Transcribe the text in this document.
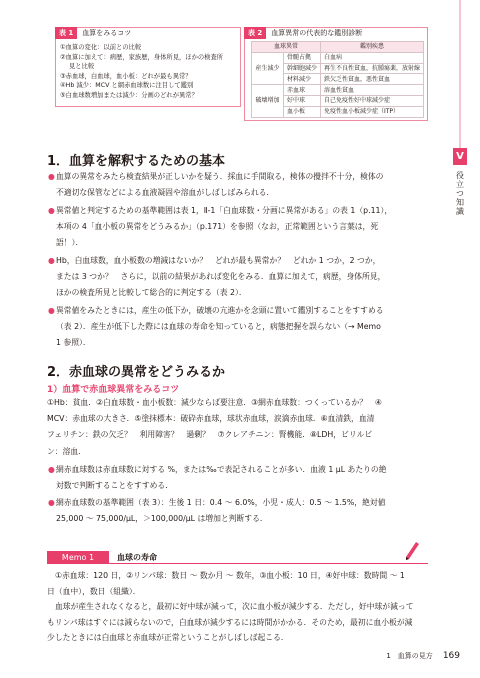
表 1	血算をみるコツ
①血算の変化：以前との比較
②血算に加えて：病歴，家族歴，身体所見，ほかの検査所
見と比較
③赤血球，白血球，血小板：どれが最も異常？
④Hb 減少：MCV と網赤血球数に注目して鑑別
⑤白血球数増加または減少：分画のどれが異常？
表 2	血算異常の代表的な鑑別診断
血球異常		鑑別疾患
産生減少	骨髄占拠	白血病
	幹細胞減少	再生不良性貧血，抗腫瘍薬，放射線
	材料減少	鉄欠乏性貧血，悪性貧血
破壊増加	赤血球	溶血性貧血
	好中球	自己免疫性好中球減少症
	血小板	免疫性血小板減少症（ITP）
V
役立つ知識
1．血算を解釈するための基本
● 血算の異常をみたら検査結果が正しいかを疑う．採血に手間取る，検体の攪拌不十分，検体の
不適切な保管などによる血液凝固や溶血がしばしばみられる．
● 異常値と判定するための基準範囲は表 1，Ⅱ-1「白血球数・分画に異常がある」の表 1（p.11），
本項の 4「血小板の異常をどうみるか」（p.171）を参照（なお，正常範囲という言葉は，死
語！）．
● Hb，白血球数，血小板数の増減はないか？　どれが最も異常か？　どれか 1 つか，2 つか，
または 3 つか？　さらに，以前の結果があれば変化をみる．血算に加えて，病歴，身体所見，
ほかの検査所見と比較して総合的に判定する（表 2）．
● 異常値をみたときには，産生の低下か，破壊の亢進かを念頭に置いて鑑別することをすすめる
（表 2）．産生が低下した際には血球の寿命を知っていると，病態把握を誤らない（→ Memo
1 参照）．
2．赤血球の異常をどうみるか
1）血算で赤血球異常をみるコツ
①Hb：貧血．②白血球数・血小板数：減少ならば要注意．③網赤血球数：つくっているか？　④
MCV：赤血球の大きさ．⑤塗抹標本：破砕赤血球，球状赤血球，涙滴赤血球．⑥血清鉄，血清
フェリチン：鉄の欠乏？　利用障害？　過剰？　⑦クレアチニン：腎機能．⑧LDH，ビリルビ
ン：溶血．
● 網赤血球数は赤血球数に対する %，または‰で表記されることが多い．血液 1 μL あたりの絶
対数で判断することをすすめる．
● 網赤血球数の基準範囲（表 3）：生後 1 日：0.4 ～ 6.0%，小児・成人：0.5 ～ 1.5%，絶対値
25,000 ～ 75,000/μL，＞100,000/μL は増加と判断する．
Memo 1	血球の寿命
①赤血球：120 日，②リンパ球：数日 ～ 数か月 ～ 数年，③血小板：10 日，④好中球：数時間 ～ 1
日（血中），数日（組織）．
血球が産生されなくなると，最初に好中球が減って，次に血小板が減少する．ただし，好中球が減って
もリンパ球はすぐには減らないので，白血球が減少するには時間がかかる．そのため，最初に血小板が減
少したときには白血球と赤血球が正常ということがしばしば起こる．
1　血算の見方 169
